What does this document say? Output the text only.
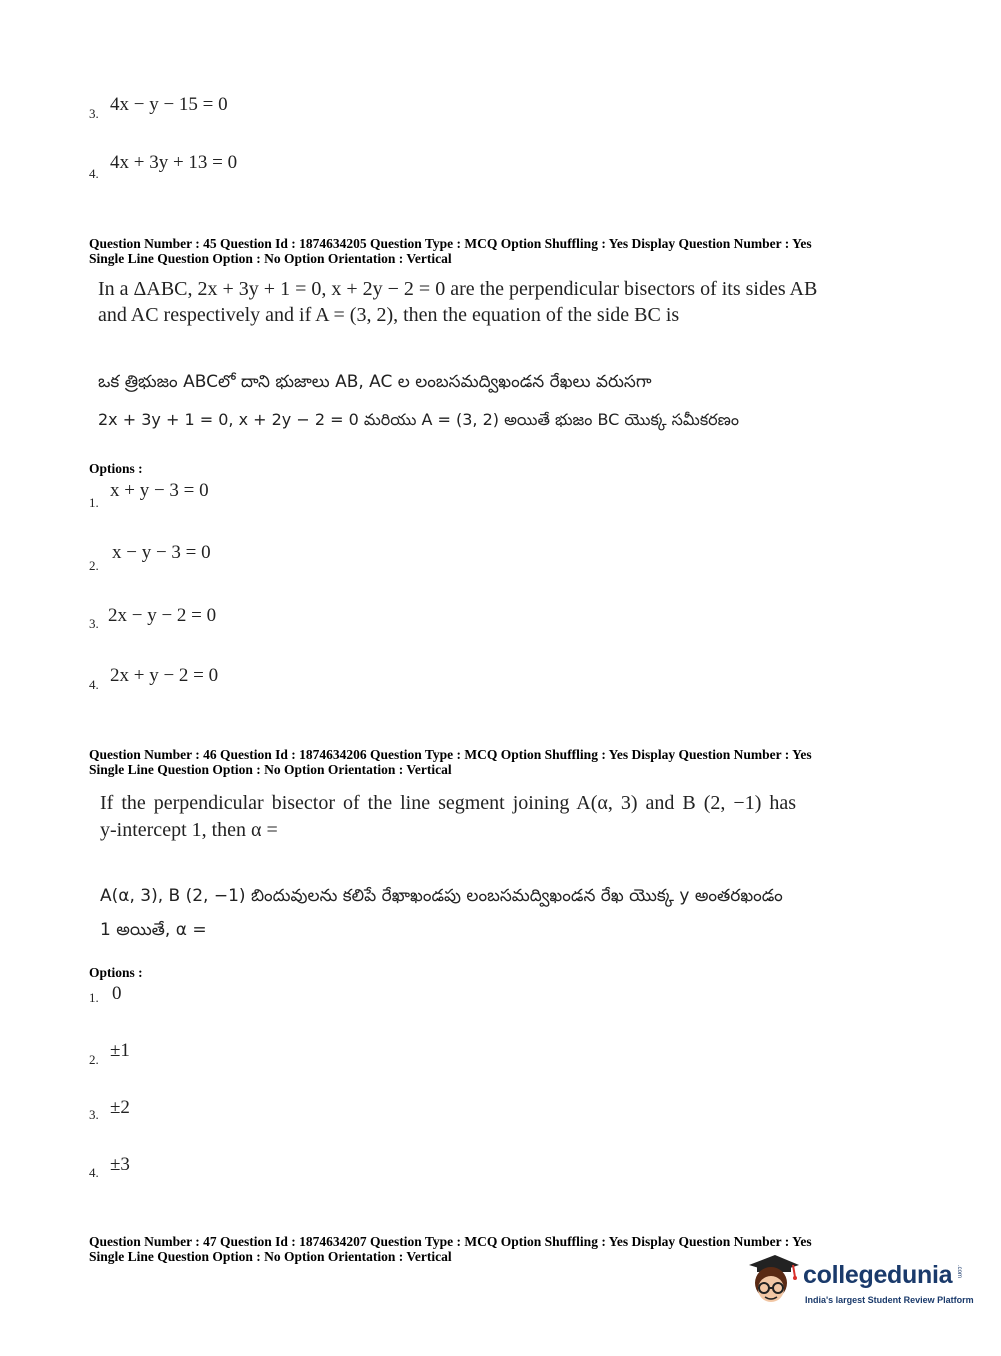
3. 4x − y − 15 = 0
4.
4x + 3y + 13 = 0
Question Number : 45 Question Id : 1874634205 Question Type : MCQ Option Shuffling : Yes Display Question Number : Yes
Single Line Question Option : No Option Orientation : Vertical
In a ΔABC, 2x + 3y + 1 = 0, x + 2y − 2 = 0 are the perpendicular bisectors of its sides AB
and AC respectively and if A = (3, 2), then the equation of the side BC is
ఒక త్రిభుజం ABCలో దాని భుజాలు AB, AC ల లంబసమద్విఖండన రేఖలు వరుసగా
2x + 3y + 1 = 0, x + 2y − 2 = 0 మరియు A = (3, 2) అయితే భుజం BC యొక్క సమీకరణం
Options :
1.
x + y − 3 = 0
2.
x − y − 3 = 0
3. 2x − y − 2 = 0
4. 2x + y − 2 = 0
Question Number : 46 Question Id : 1874634206 Question Type : MCQ Option Shuffling : Yes Display Question Number : Yes
Single Line Question Option : No Option Orientation : Vertical
If the perpendicular bisector of the line segment joining A(α, 3) and B (2, −1) has
y-intercept 1, then α =
A(α, 3), B (2, −1) బిందువులను కలిపే రేఖాఖండపు లంబసమద్విఖండన రేఖ యొక్క y అంతరఖండం
1 అయితే, α =
Options :
1. 0
2. ±1
3. ±2
4. ±3
Question Number : 47 Question Id : 1874634207 Question Type : MCQ Option Shuffling : Yes Display Question Number : Yes
Single Line Question Option : No Option Orientation : Vertical
collegedunia .com
India's largest Student Review Platform
